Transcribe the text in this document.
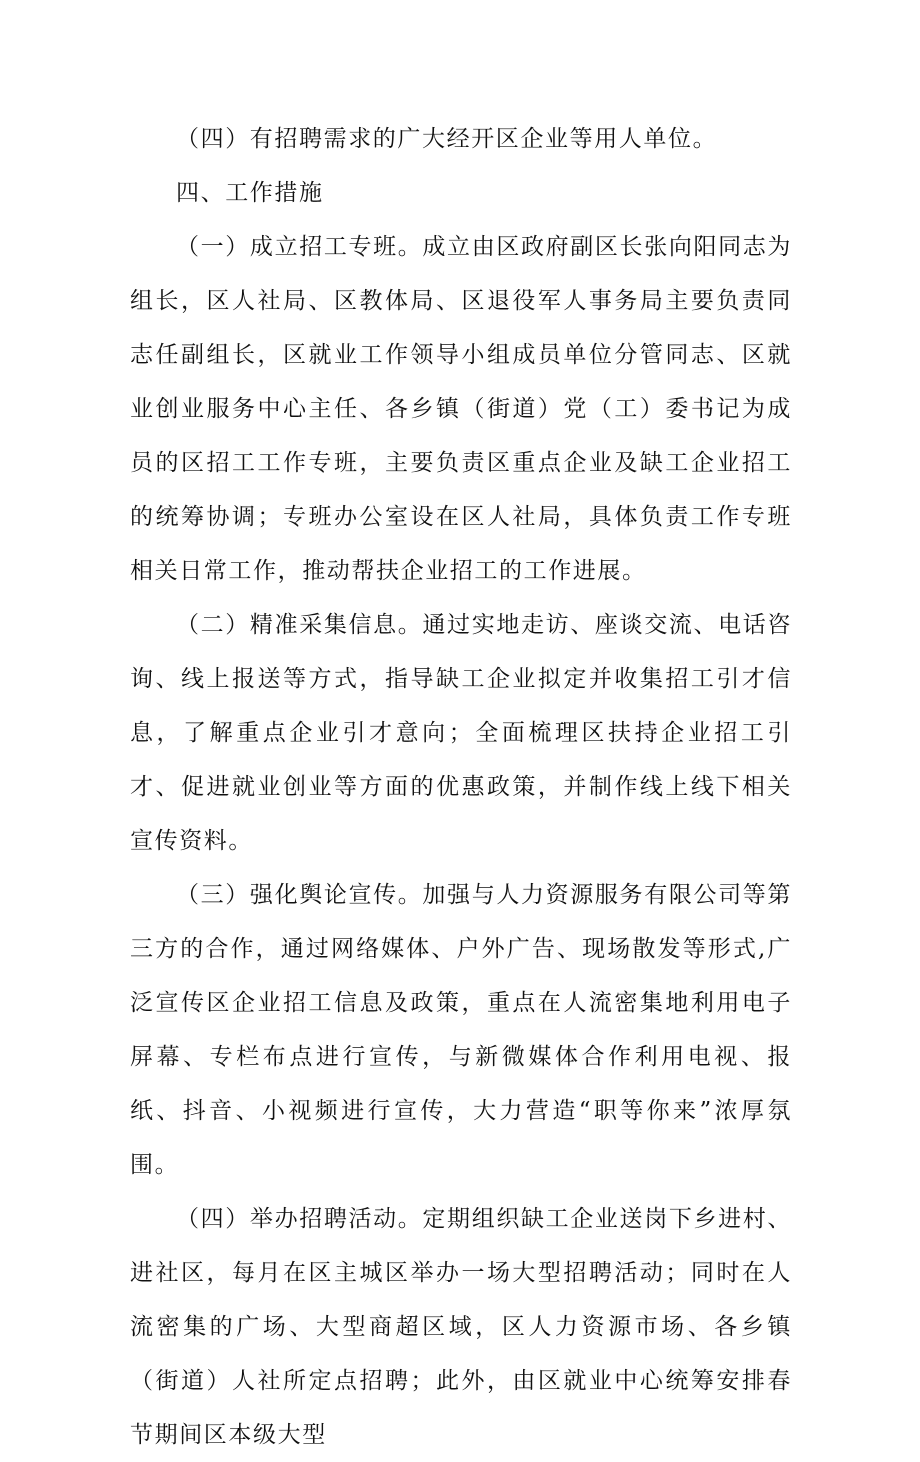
（四）有招聘需求的广大经开区企业等用人单位。

四、工作措施

（一）成立招工专班。成立由区政府副区长张向阳同志为组长，区人社局、区教体局、区退役军人事务局主要负责同志任副组长，区就业工作领导小组成员单位分管同志、区就业创业服务中心主任、各乡镇（街道）党（工）委书记为成员的区招工工作专班，主要负责区重点企业及缺工企业招工的统筹协调；专班办公室设在区人社局，具体负责工作专班相关日常工作，推动帮扶企业招工的工作进展。

（二）精准采集信息。通过实地走访、座谈交流、电话咨询、线上报送等方式，指导缺工企业拟定并收集招工引才信息，了解重点企业引才意向；全面梳理区扶持企业招工引才、促进就业创业等方面的优惠政策，并制作线上线下相关宣传资料。

（三）强化舆论宣传。加强与人力资源服务有限公司等第三方的合作，通过网络媒体、户外广告、现场散发等形式,广泛宣传区企业招工信息及政策，重点在人流密集地利用电子屏幕、专栏布点进行宣传，与新微媒体合作利用电视、报纸、抖音、小视频进行宣传，大力营造“职等你来”浓厚氛围。

（四）举办招聘活动。定期组织缺工企业送岗下乡进村、进社区，每月在区主城区举办一场大型招聘活动；同时在人流密集的广场、大型商超区域，区人力资源市场、各乡镇（街道）人社所定点招聘；此外，由区就业中心统筹安排春节期间区本级大型
